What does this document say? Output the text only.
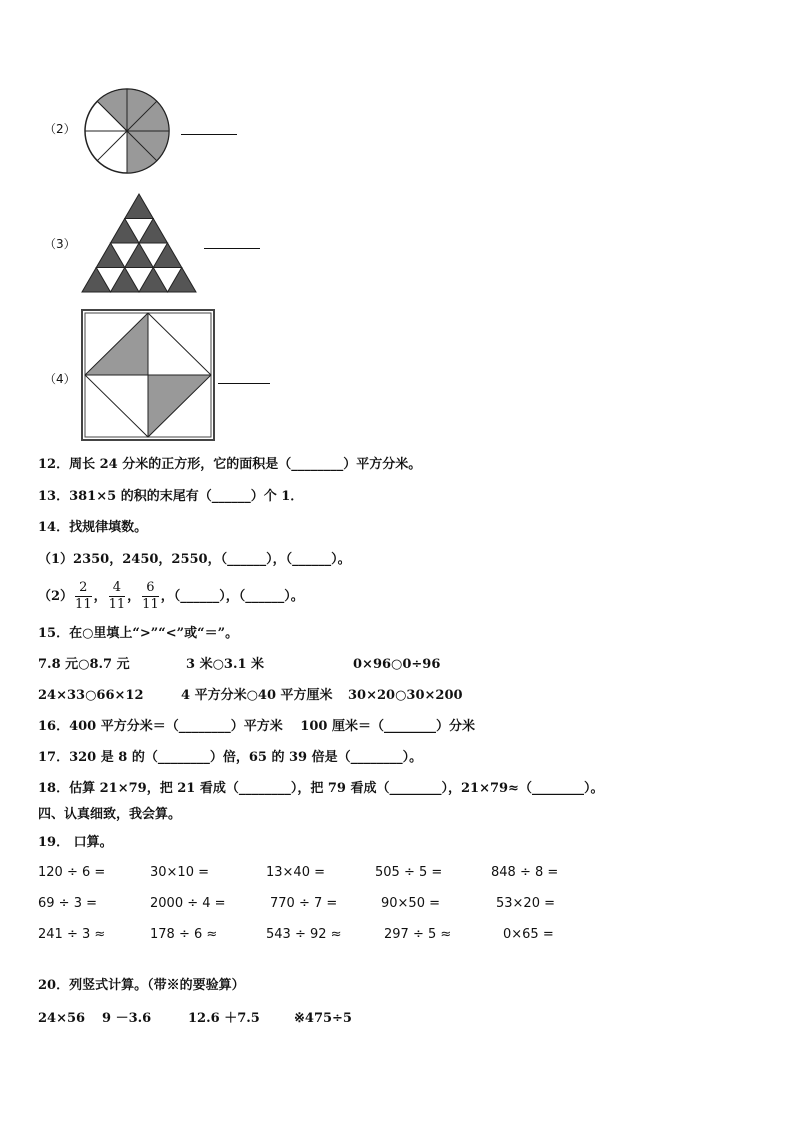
（2）
（3）
（4）
12．周长 24 分米的正方形，它的面积是（________）平方分米。
13．381×5 的积的末尾有（______）个 1．
14．找规律填数。
（1）2350，2450，2550，（______），（______）。
$(2) \frac{2}{11}$ ， $\frac{4}{11}$ ， $\frac{6}{11}$ ，（______），（______）。
15．在○里填上“>”“<”或“＝”。
7.8 元○8.7 元	3 米○3.1 米	0×96○0÷96
24×33○66×12	4 平方分米○40 平方厘米 30×20○30×200
16．400 平方分米＝（________）平方米　 100 厘米＝（________）分米
17．320 是 8 的（________）倍，65 的 39 倍是（________）。
18．估算 21×79，把 21 看成（________），把 79 看成（________），21×79≈（________）。
四、认真细致，我会算。
19． 口算。
120 ÷ 6 =	30×10 =	13×40 =	505 ÷ 5 =	848 ÷ 8 =
69 ÷ 3 =	2000 ÷ 4 =	770 ÷ 7 =	90×50 =	53×20 =
241 ÷ 3 ≈	178 ÷ 6 ≈	543 ÷ 92 ≈	297 ÷ 5 ≈	0×65 =
20．列竖式计算。（带※的要验算）
24×56 9 －3.6	12.6 ＋7.5	※475÷5
